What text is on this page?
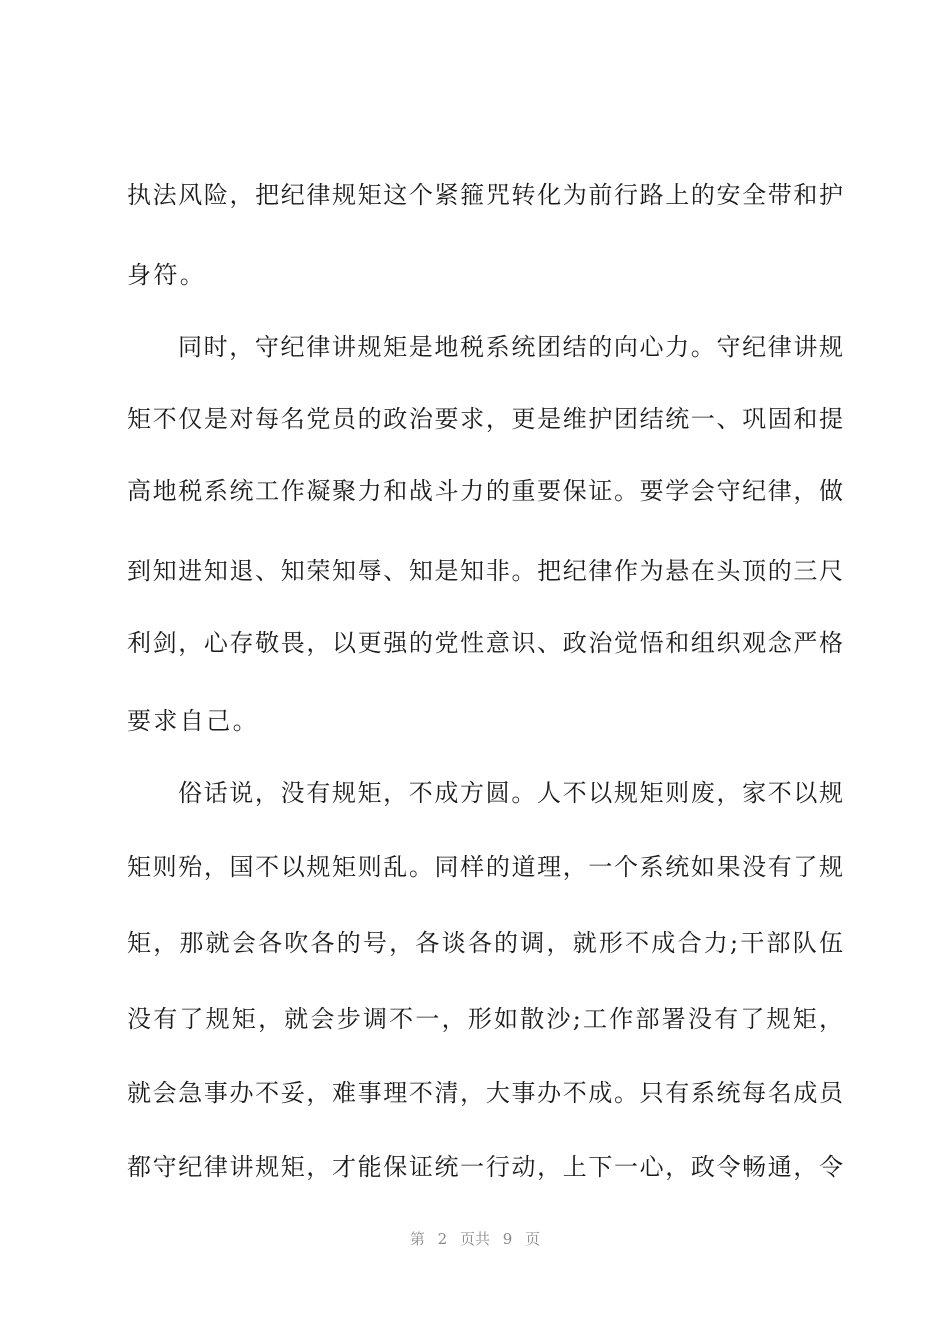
执法风险，把纪律规矩这个紧箍咒转化为前行路上的安全带和护
身符。
同时，守纪律讲规矩是地税系统团结的向心力。守纪律讲规
矩不仅是对每名党员的政治要求，更是维护团结统一、巩固和提
高地税系统工作凝聚力和战斗力的重要保证。要学会守纪律，做
到知进知退、知荣知辱、知是知非。把纪律作为悬在头顶的三尺
利剑，心存敬畏，以更强的党性意识、政治觉悟和组织观念严格
要求自己。
俗话说，没有规矩，不成方圆。人不以规矩则废，家不以规
矩则殆，国不以规矩则乱。同样的道理，一个系统如果没有了规
矩，那就会各吹各的号，各谈各的调，就形不成合力;干部队伍
没有了规矩，就会步调不一，形如散沙;工作部署没有了规矩，
就会急事办不妥，难事理不清，大事办不成。只有系统每名成员
都守纪律讲规矩，才能保证统一行动，上下一心，政令畅通，令
第 2 页共 9 页
